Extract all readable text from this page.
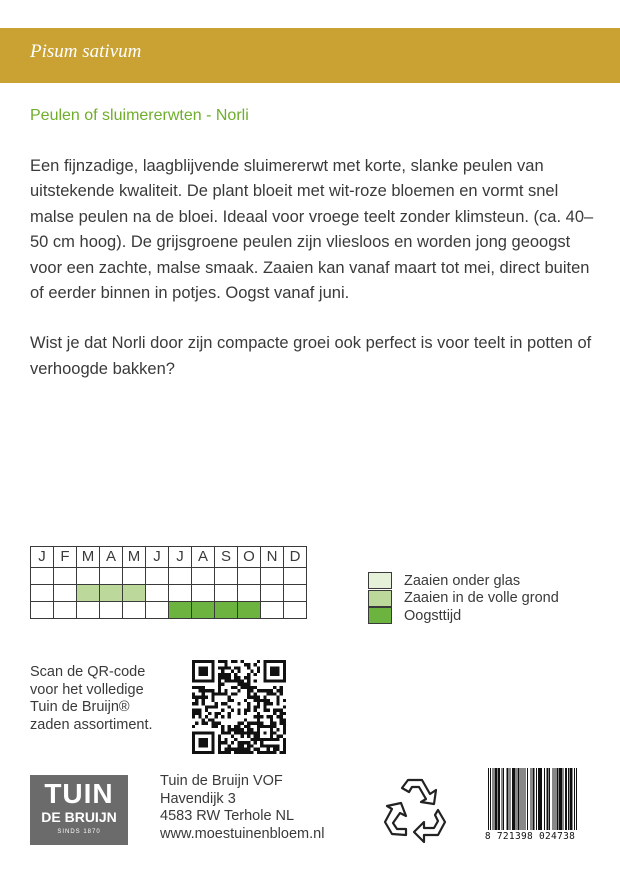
Pisum sativum
Peulen of sluimererwten - Norli

Een fijnzadige, laagblijvende sluimererwt met korte, slanke peulen van uitstekende kwaliteit. De plant bloeit met wit-roze bloemen en vormt snel malse peulen na de bloei. Ideaal voor vroege teelt zonder klimsteun. (ca. 40–50 cm hoog). De grijsgroene peulen zijn vliesloos en worden jong geoogst voor een zachte, malse smaak. Zaaien kan vanaf maart tot mei, direct buiten of eerder binnen in potjes. Oogst vanaf juni.

Wist je dat Norli door zijn compacte groei ook perfect is voor teelt in potten of verhoogde bakken?

J	F	M	A	M	J	J	A	S	O	N	D

Zaaien onder glas
Zaaien in de volle grond
Oogsttijd
Scan de QR-code
voor het volledige
Tuin de Bruijn®
zaden assortiment.
TUIN
DE BRUIJN
SINDS 1870
Tuin de Bruijn VOF
Havendijk 3
4583 RW Terhole NL
www.moestuinenbloem.nl	8 721398 024738
